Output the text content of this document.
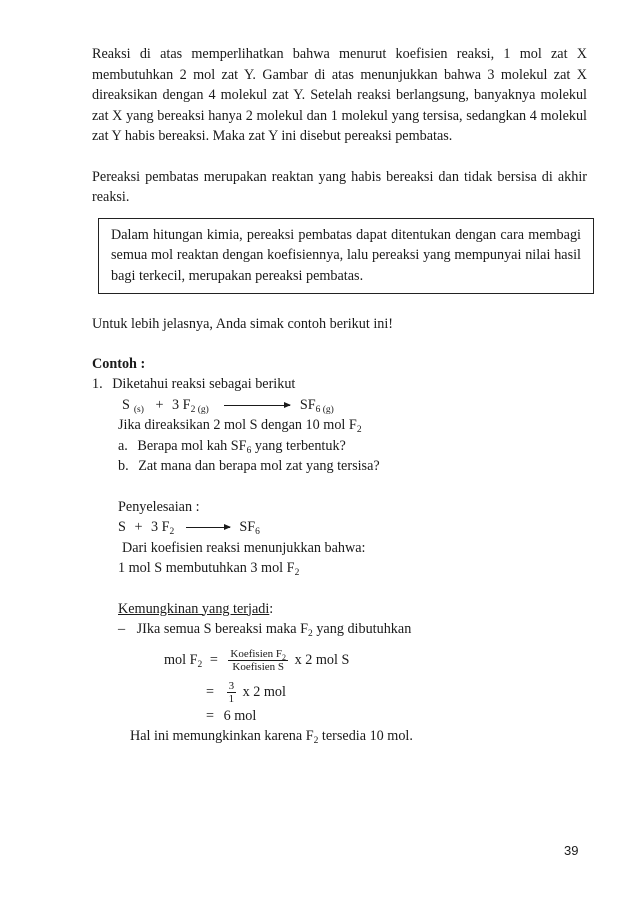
Reaksi di atas memperlihatkan bahwa menurut koefisien reaksi, 1 mol zat X membutuhkan 2 mol zat Y. Gambar di atas menunjukkan bahwa 3 molekul zat X direaksikan dengan 4 molekul zat Y. Setelah reaksi berlangsung, banyaknya molekul zat X yang bereaksi hanya 2 molekul dan 1 molekul yang tersisa, sedangkan 4 molekul zat Y habis bereaksi. Maka zat Y ini disebut pereaksi pembatas.

Pereaksi pembatas merupakan reaktan yang habis bereaksi dan tidak bersisa di akhir reaksi.

Dalam hitungan kimia, pereaksi pembatas dapat ditentukan dengan cara membagi semua mol reaktan dengan koefisiennya, lalu pereaksi yang mempunyai nilai hasil bagi terkecil, merupakan pereaksi pembatas.

Untuk lebih jelasnya, Anda simak contoh berikut ini!

Contoh :
1. Diketahui reaksi sebagai berikut
S $_{(s)}$ + 3 $F_{2 (g)}$	$SF_{6 (g)}$
Jika direaksikan 2 mol S dengan 10 mol $F_2$
a. Berapa mol kah $SF_6$ yang terbentuk?
b. Zat mana dan berapa mol zat yang tersisa?
Penyelesaian :
S + 3 $F_2 \to SF_6$
Dari koefisien reaksi menunjukkan bahwa:
1 mol S membutuhkan 3 mol $F_2$
Kemungkinan yang terjadi:
– JIka semua S bereaksi maka $F_2$ yang dibutuhkan
mol $F_2 = \frac{Koefisien F_2}{\text{Koefisien S}}$ x 2 mol S
= $\frac{3}{1}$ x 2 mol
= 6 mol
Hal ini memungkinkan karena $F_2$ tersedia 10 mol.
39
